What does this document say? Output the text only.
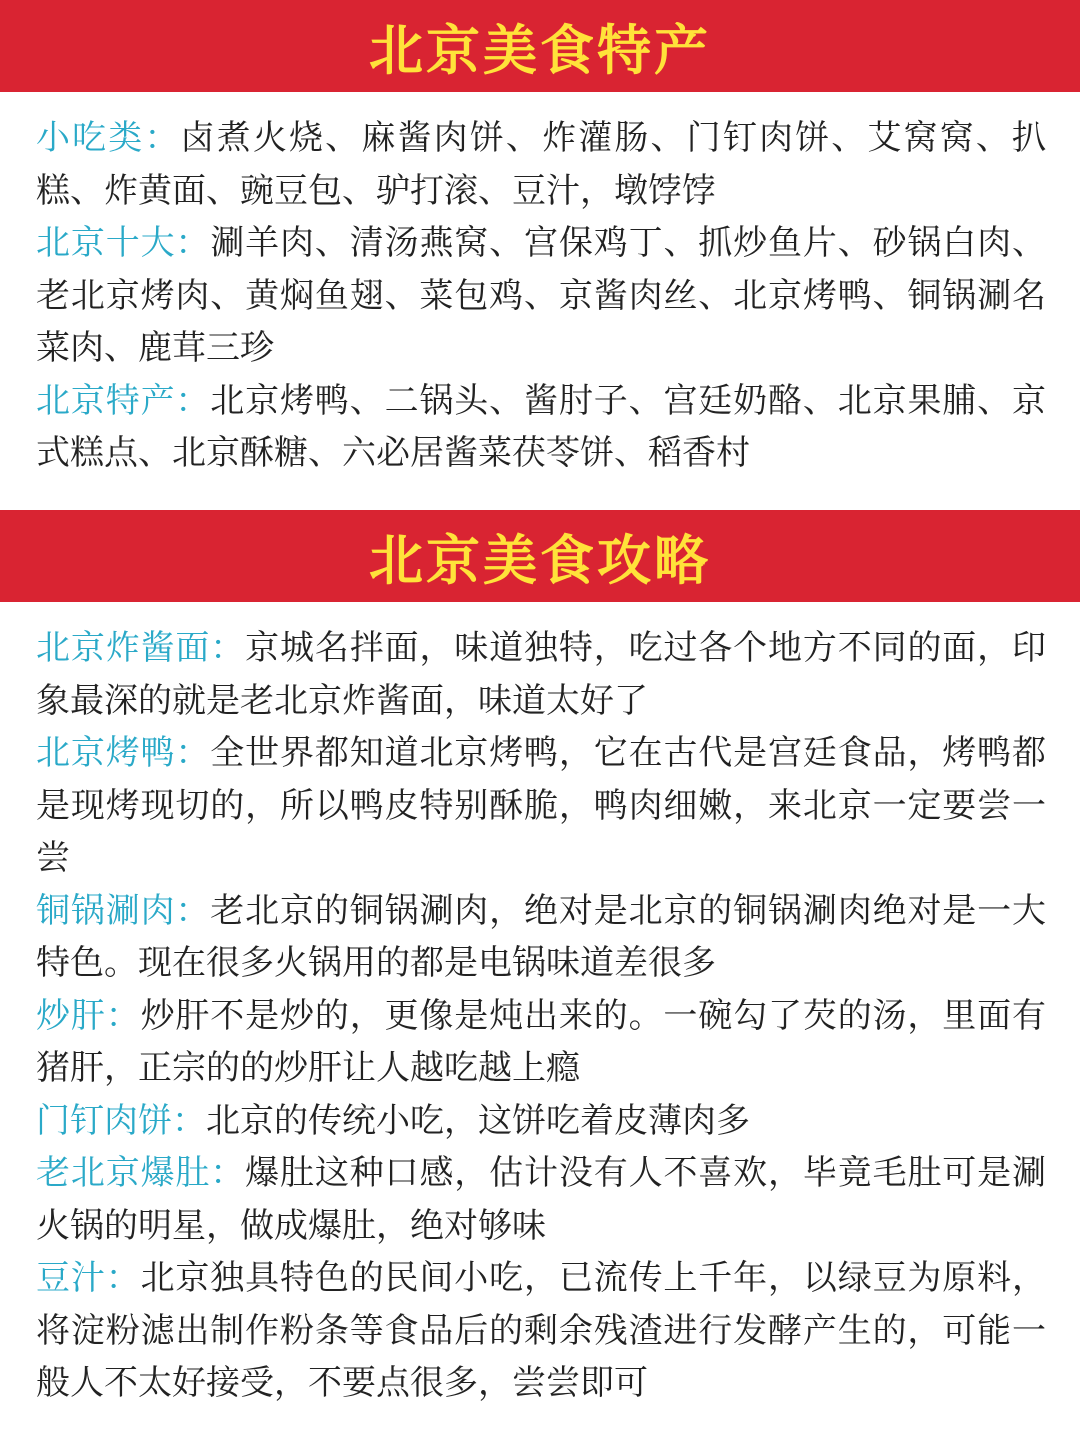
北京美食特产

小吃类：卤煮火烧、麻酱肉饼、炸灌肠、门钉肉饼、艾窝窝、扒糕、炸黄面、豌豆包、驴打滚、豆汁，墩饽饽

北京十大：涮羊肉、清汤燕窝、宫保鸡丁、抓炒鱼片、砂锅白肉、老北京烤肉、黄焖鱼翅、菜包鸡、京酱肉丝、北京烤鸭、铜锅涮名菜肉、鹿茸三珍

北京特产：北京烤鸭、二锅头、酱肘子、宫廷奶酪、北京果脯、京式糕点、北京酥糖、六必居酱菜茯苓饼、稻香村

北京美食攻略

北京炸酱面：京城名拌面，味道独特，吃过各个地方不同的面，印象最深的就是老北京炸酱面，味道太好了

北京烤鸭：全世界都知道北京烤鸭，它在古代是宫廷食品，烤鸭都是现烤现切的，所以鸭皮特别酥脆，鸭肉细嫩，来北京一定要尝一尝

铜锅涮肉：老北京的铜锅涮肉，绝对是北京的铜锅涮肉绝对是一大特色。现在很多火锅用的都是电锅味道差很多

炒肝：炒肝不是炒的，更像是炖出来的。一碗勾了芡的汤，里面有猪肝，正宗的的炒肝让人越吃越上瘾

门钉肉饼：北京的传统小吃，这饼吃着皮薄肉多

老北京爆肚：爆肚这种口感，估计没有人不喜欢，毕竟毛肚可是涮火锅的明星，做成爆肚，绝对够味

豆汁：北京独具特色的民间小吃，已流传上千年，以绿豆为原料，将淀粉滤出制作粉条等食品后的剩余残渣进行发酵产生的，可能一般人不太好接受，不要点很多，尝尝即可
